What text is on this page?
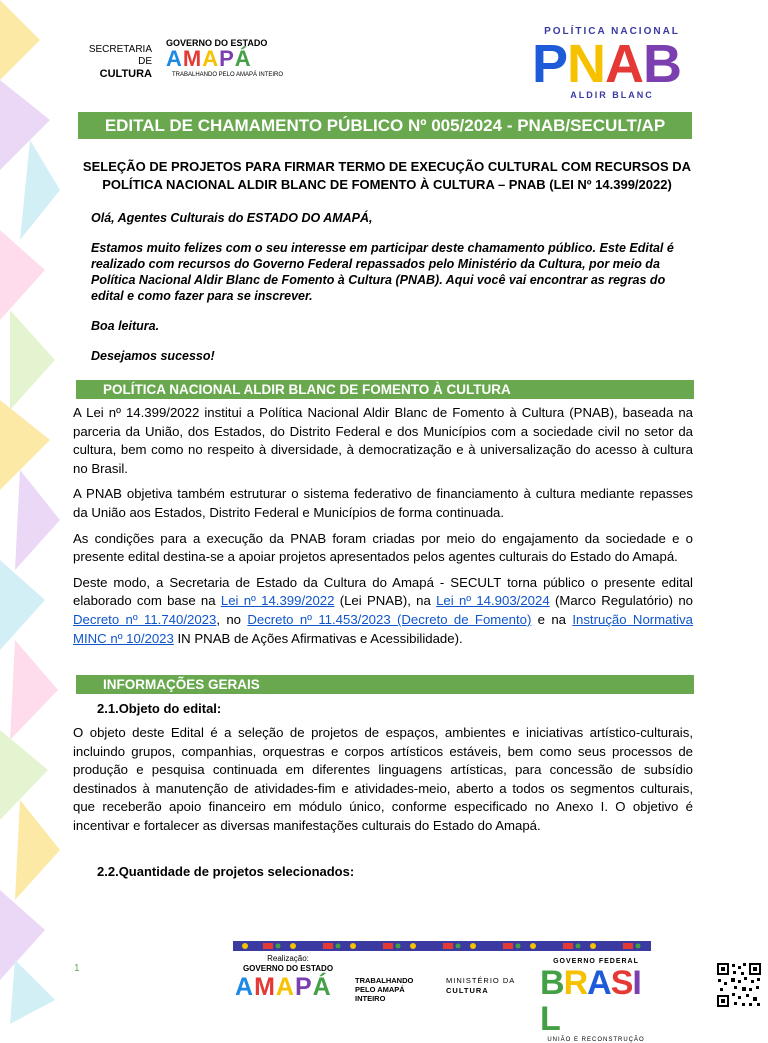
SECRETARIA DE
CULTURA
GOVERNO DO ESTADO
AMAPÁ
TRABALHANDO PELO AMAPÁ INTEIRO
POLÍTICA NACIONAL
PNAB
ALDIR BLANC
EDITAL DE CHAMAMENTO PÚBLICO Nº 005/2024 - PNAB/SECULT/AP
SELEÇÃO DE PROJETOS PARA FIRMAR TERMO DE EXECUÇÃO CULTURAL COM RECURSOS DA POLÍTICA NACIONAL ALDIR BLANC DE FOMENTO À CULTURA – PNAB (LEI Nº 14.399/2022)

Olá, Agentes Culturais do ESTADO DO AMAPÁ,

Estamos muito felizes com o seu interesse em participar deste chamamento público. Este Edital é realizado com recursos do Governo Federal repassados pelo Ministério da Cultura, por meio da Política Nacional Aldir Blanc de Fomento à Cultura (PNAB). Aqui você vai encontrar as regras do edital e como fazer para se inscrever.

Boa leitura.

Desejamos sucesso!

POLÍTICA NACIONAL ALDIR BLANC DE FOMENTO À CULTURA

A Lei nº 14.399/2022 institui a Política Nacional Aldir Blanc de Fomento à Cultura (PNAB), baseada na parceria da União, dos Estados, do Distrito Federal e dos Municípios com a sociedade civil no setor da cultura, bem como no respeito à diversidade, à democratização e à universalização do acesso à cultura no Brasil.

A PNAB objetiva também estruturar o sistema federativo de financiamento à cultura mediante repasses da União aos Estados, Distrito Federal e Municípios de forma continuada.

As condições para a execução da PNAB foram criadas por meio do engajamento da sociedade e o presente edital destina-se a apoiar projetos apresentados pelos agentes culturais do Estado do Amapá.

Deste modo, a Secretaria de Estado da Cultura do Amapá - SECULT torna público o presente edital elaborado com base na Lei nº 14.399/2022 (Lei PNAB), na Lei nº 14.903/2024 (Marco Regulatório) no Decreto nº 11.740/2023, no Decreto nº 11.453/2023 (Decreto de Fomento) e na Instrução Normativa MINC nº 10/2023 IN PNAB de Ações Afirmativas e Acessibilidade).

INFORMAÇÕES GERAIS
2.1.Objeto do edital:

O objeto deste Edital é a seleção de projetos de espaços, ambientes e iniciativas artístico-culturais, incluindo grupos, companhias, orquestras e corpos artísticos estáveis, bem como seus processos de produção e pesquisa continuada em diferentes linguagens artísticas, para concessão de subsídio destinados à manutenção de atividades-fim e atividades-meio, aberto a todos os segmentos culturais, que receberão apoio financeiro em módulo único, conforme especificado no Anexo I. O objetivo é incentivar e fortalecer as diversas manifestações culturais do Estado do Amapá.

2.2.Quantidade de projetos selecionados:
1
Realização:
GOVERNO DO ESTADO
AMAPÁ	TRABALHANDO PELO AMAPÁ INTEIRO
MINISTÉRIO DA
CULTURA
GOVERNO FEDERAL
BRASIL
UNIÃO E RECONSTRUÇÃO
